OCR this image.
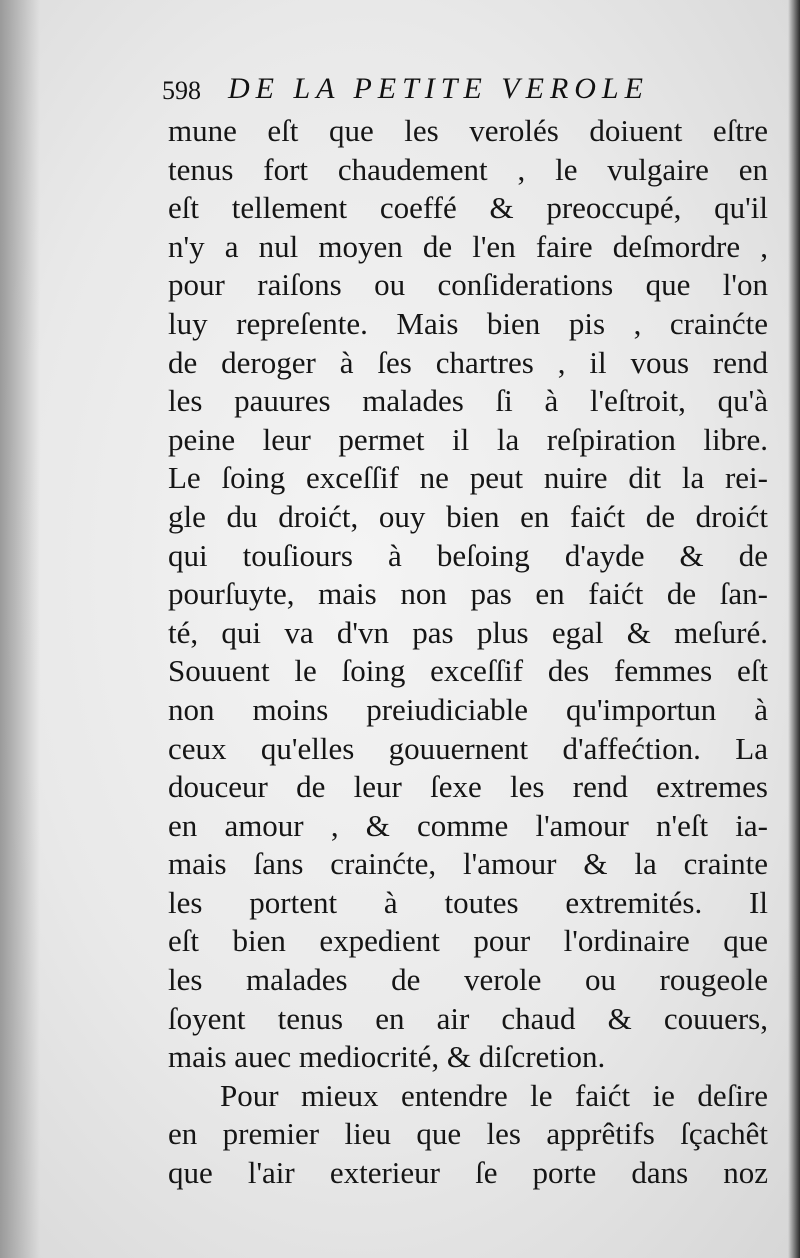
598 DE LA PETITE VEROLE
mune eſt que les verolés doiuent eſtre
tenus fort chaudement , le vulgaire en
eſt tellement coeffé & preoccupé, qu'il
n'y a nul moyen de l'en faire deſmordre ,
pour raiſons ou conſiderations que l'on
luy repreſente. Mais bien pis , crainćte
de deroger à ſes chartres , il vous rend
les pauures malades ſi à l'eſtroit, qu'à
peine leur permet il la reſpiration libre.
Le ſoing exceſſif ne peut nuire dit la rei-
gle du droićt, ouy bien en faićt de droićt
qui touſiours à beſoing d'ayde & de
pourſuyte, mais non pas en faićt de ſan-
té, qui va d'vn pas plus egal & meſuré.
Souuent le ſoing exceſſif des femmes eſt
non moins preiudiciable qu'importun à
ceux qu'elles gouuernent d'affećtion. La
douceur de leur ſexe les rend extremes
en amour , & comme l'amour n'eſt ia-
mais ſans crainćte, l'amour & la crainte
les portent à toutes extremités. Il
eſt bien expedient pour l'ordinaire que
les malades de verole ou rougeole
ſoyent tenus en air chaud & couuers,
mais auec mediocrité, & diſcretion.
Pour mieux entendre le faićt ie deſire
en premier lieu que les apprêtifs ſçachêt
que l'air exterieur ſe porte dans noz
